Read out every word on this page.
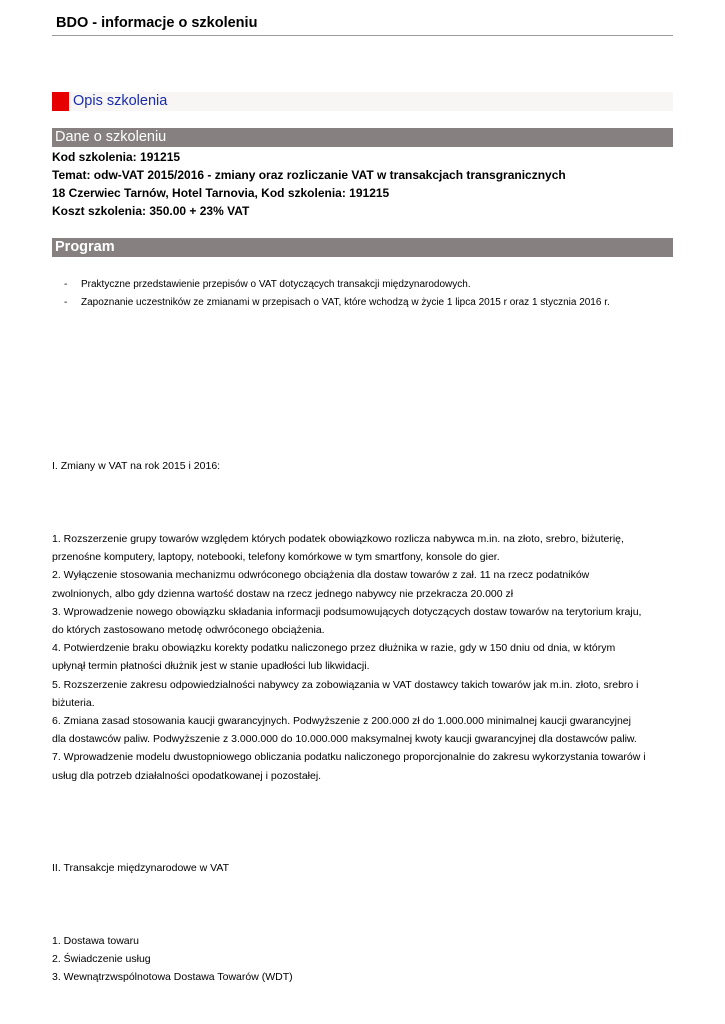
BDO - informacje o szkoleniu
Opis szkolenia
Dane o szkoleniu
Kod szkolenia: 191215
Temat: odw-VAT 2015/2016 - zmiany oraz rozliczanie VAT w transakcjach transgranicznych
18 Czerwiec Tarnów, Hotel Tarnovia, Kod szkolenia: 191215
Koszt szkolenia: 350.00 + 23% VAT
Program
- Praktyczne przedstawienie przepisów o VAT dotyczących transakcji międzynarodowych.
- Zapoznanie uczestników ze zmianami w przepisach o VAT, które wchodzą w życie 1 lipca 2015 r oraz 1 stycznia 2016 r.
I. Zmiany w VAT na rok 2015 i 2016:
1. Rozszerzenie grupy towarów względem których podatek obowiązkowo rozlicza nabywca m.in. na złoto, srebro, biżuterię,
przenośne komputery, laptopy, notebooki, telefony komórkowe w tym smartfony, konsole do gier.
2. Wyłączenie stosowania mechanizmu odwróconego obciążenia dla dostaw towarów z zał. 11 na rzecz podatników
zwolnionych, albo gdy dzienna wartość dostaw na rzecz jednego nabywcy nie przekracza 20.000 zł
3. Wprowadzenie nowego obowiązku składania informacji podsumowujących dotyczących dostaw towarów na terytorium kraju,
do których zastosowano metodę odwróconego obciążenia.
4. Potwierdzenie braku obowiązku korekty podatku naliczonego przez dłużnika w razie, gdy w 150 dniu od dnia, w którym
upłynął termin płatności dłużnik jest w stanie upadłości lub likwidacji.
5. Rozszerzenie zakresu odpowiedzialności nabywcy za zobowiązania w VAT dostawcy takich towarów jak m.in. złoto, srebro i
biżuteria.
6. Zmiana zasad stosowania kaucji gwarancyjnych. Podwyższenie z 200.000 zł do 1.000.000 minimalnej kaucji gwarancyjnej
dla dostawców paliw. Podwyższenie z 3.000.000 do 10.000.000 maksymalnej kwoty kaucji gwarancyjnej dla dostawców paliw.
7. Wprowadzenie modelu dwustopniowego obliczania podatku naliczonego proporcjonalnie do zakresu wykorzystania towarów i
usług dla potrzeb działalności opodatkowanej i pozostałej.
II. Transakcje międzynarodowe w VAT
1. Dostawa towaru
2. Świadczenie usług
3. Wewnątrzwspólnotowa Dostawa Towarów (WDT)
